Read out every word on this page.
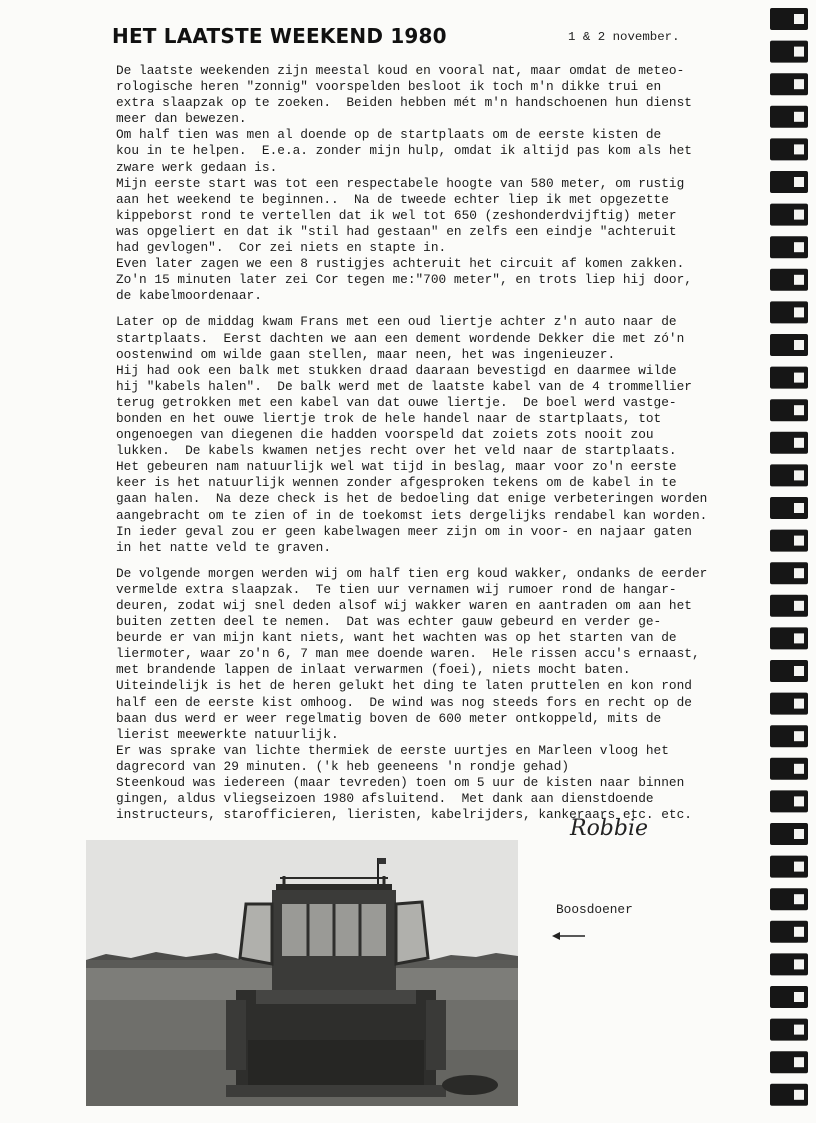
HET LAATSTE WEEKEND 1980	1 & 2 november.
De laatste weekenden zijn meestal koud en vooral nat, maar omdat de meteo-
rologische heren "zonnig" voorspelden besloot ik toch m'n dikke trui en
extra slaapzak op te zoeken.  Beiden hebben mét m'n handschoenen hun dienst
meer dan bewezen.
Om half tien was men al doende op de startplaats om de eerste kisten de
kou in te helpen.  E.e.a. zonder mijn hulp, omdat ik altijd pas kom als het
zware werk gedaan is.
Mijn eerste start was tot een respectabele hoogte van 580 meter, om rustig
aan het weekend te beginnen..  Na de tweede echter liep ik met opgezette
kippeborst rond te vertellen dat ik wel tot 650 (zeshonderdvijftig) meter
was opgeliert en dat ik "stil had gestaan" en zelfs een eindje "achteruit
had gevlogen".  Cor zei niets en stapte in.
Even later zagen we een 8 rustigjes achteruit het circuit af komen zakken.
Zo'n 15 minuten later zei Cor tegen me:"700 meter", en trots liep hij door,
de kabelmoordenaar.
Later op de middag kwam Frans met een oud liertje achter z'n auto naar de
startplaats.  Eerst dachten we aan een dement wordende Dekker die met zó'n
oostenwind om wilde gaan stellen, maar neen, het was ingenieuzer.
Hij had ook een balk met stukken draad daaraan bevestigd en daarmee wilde
hij "kabels halen".  De balk werd met de laatste kabel van de 4 trommellier
terug getrokken met een kabel van dat ouwe liertje.  De boel werd vastge-
bonden en het ouwe liertje trok de hele handel naar de startplaats, tot
ongenoegen van diegenen die hadden voorspeld dat zoiets zots nooit zou
lukken.  De kabels kwamen netjes recht over het veld naar de startplaats.
Het gebeuren nam natuurlijk wel wat tijd in beslag, maar voor zo'n eerste
keer is het natuurlijk wennen zonder afgesproken tekens om de kabel in te
gaan halen.  Na deze check is het de bedoeling dat enige verbeteringen worden
aangebracht om te zien of in de toekomst iets dergelijks rendabel kan worden.
In ieder geval zou er geen kabelwagen meer zijn om in voor- en najaar gaten
in het natte veld te graven.
De volgende morgen werden wij om half tien erg koud wakker, ondanks de eerder
vermelde extra slaapzak.  Te tien uur vernamen wij rumoer rond de hangar-
deuren, zodat wij snel deden alsof wij wakker waren en aantraden om aan het
buiten zetten deel te nemen.  Dat was echter gauw gebeurd en verder ge-
beurde er van mijn kant niets, want het wachten was op het starten van de
liermoter, waar zo'n 6, 7 man mee doende waren.  Hele rissen accu's ernaast,
met brandende lappen de inlaat verwarmen (foei), niets mocht baten.
Uiteindelijk is het de heren gelukt het ding te laten pruttelen en kon rond
half een de eerste kist omhoog.  De wind was nog steeds fors en recht op de
baan dus werd er weer regelmatig boven de 600 meter ontkoppeld, mits de
lierist meewerkte natuurlijk.
Er was sprake van lichte thermiek de eerste uurtjes en Marleen vloog het
dagrecord van 29 minuten. ('k heb geeneens 'n rondje gehad)
Steenkoud was iedereen (maar tevreden) toen om 5 uur de kisten naar binnen
gingen, aldus vliegseizoen 1980 afsluitend.  Met dank aan dienstdoende
instructeurs, starofficieren, lieristen, kabelrijders, kankeraars etc. etc.
Robbie
Boosdoener
